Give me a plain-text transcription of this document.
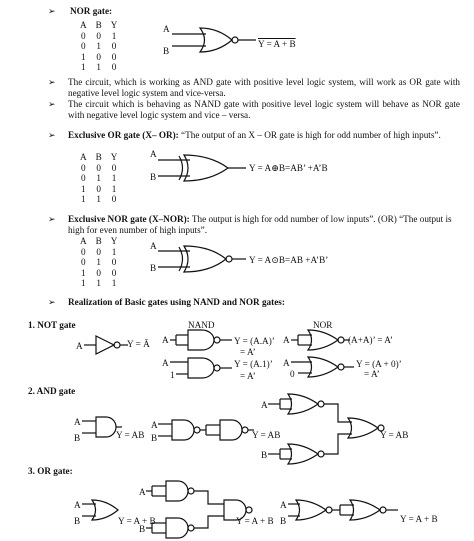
➢ NOR gate:
A	B	Y
0	0	1
0	1	0
1	0	0
1	1	0
A
B
Y = A + B
➢ The circuit, which is working as AND gate with positive level logic system, will work as OR gate with negative level logic system and vice-versa.
➢ The circuit which is behaving as NAND gate with positive level logic system will behave as NOR gate with negative level logic system and vice – versa.
➢ Exclusive OR gate (X– OR): “The output of an X – OR gate is high for odd number of high inputs”.
A	B	Y
0	0	0
0	1	1
1	0	1
1	1	0
A
B
Y = A⊕B=AB’ +A’B
➢ Exclusive NOR gate (X–NOR): The output is high for odd number of low inputs”. (OR) “The output is high for even number of high inputs”.
A	B	Y
0	0	1
0	1	0
1	0	0
1	1	1
A
B
Y = A⊙B=AB +A’B’
➢ Realization of Basic gates using NAND and NOR gates:
1. NOT gate	NAND	NOR
A	Y = Ā A	Y = (A.A)’
= A’
A
1
Y = (A.1)’
= A’
A	(A+A)’ = A’
A
0
Y = (A + 0)’
= A’
2. AND gate
A
B	Y = AB
A
B	Y = AB
A
B
Y = AB
3. OR gate:
A
B	Y = A + B
A
B
Y = A + B
A
B	Y = A + B
